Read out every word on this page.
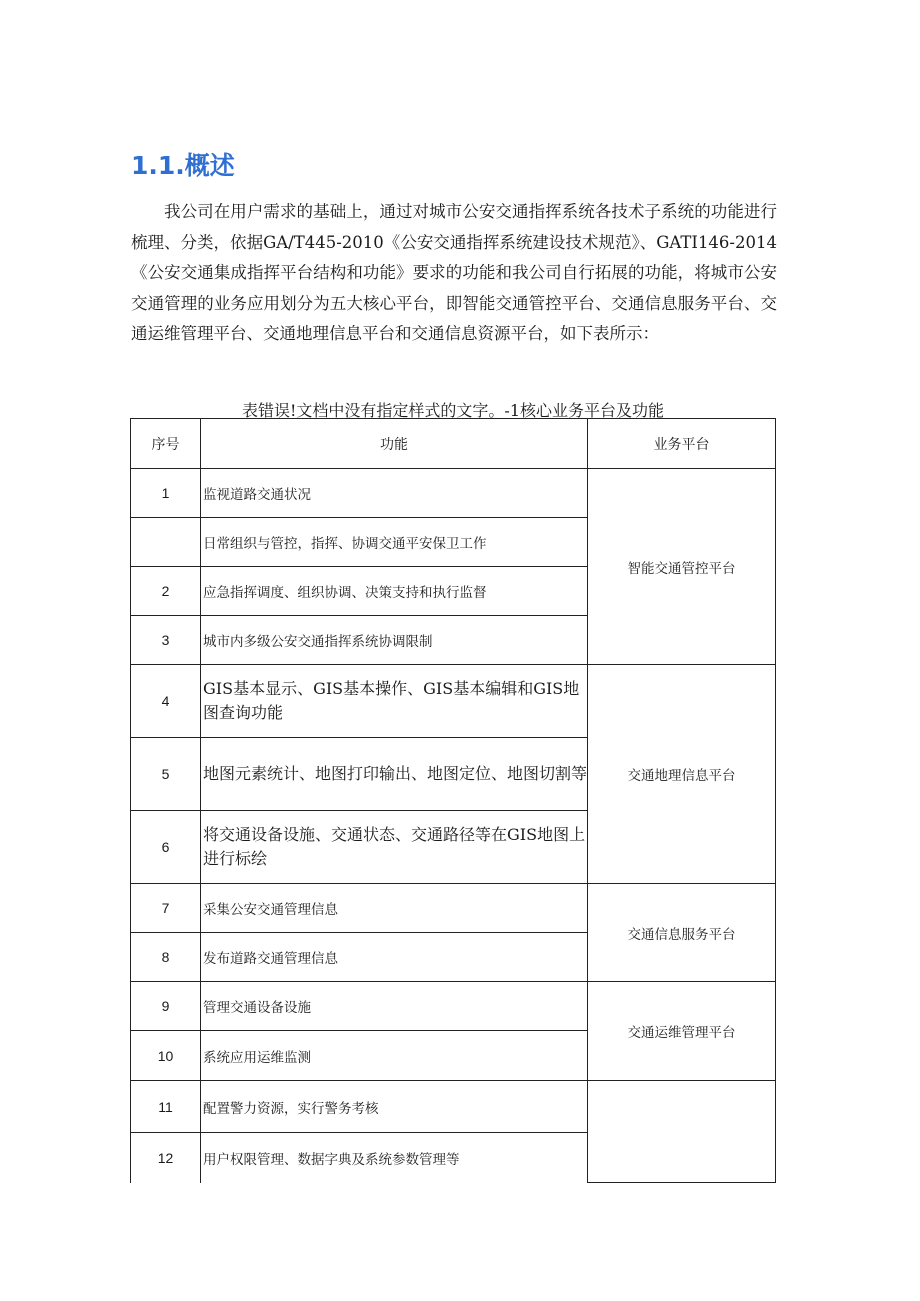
1.1.概述
我公司在用户需求的基础上，通过对城市公安交通指挥系统各技术子系统的功能进行梳理、分类，依据GA/T445-2010《公安交通指挥系统建设技术规范》、GATI146-2014《公安交通集成指挥平台结构和功能》要求的功能和我公司自行拓展的功能，将城市公安交通管理的业务应用划分为五大核心平台，即智能交通管控平台、交通信息服务平台、交通运维管理平台、交通地理信息平台和交通信息资源平台，如下表所示：
表错误!文档中没有指定样式的文字。-1核心业务平台及功能
序号	功能	业务平台
1	监视道路交通状况	智能交通管控平台
	日常组织与管控，指挥、协调交通平安保卫工作	
2	应急指挥调度、组织协调、决策支持和执行监督	
3	城市内多级公安交通指挥系统协调限制	
4	GIS基本显示、GIS基本操作、GIS基本编辑和GIS地图查询功能	交通地理信息平台
5	地图元素统计、地图打印输出、地图定位、地图切割等	
6	将交通设备设施、交通状态、交通路径等在GIS地图上进行标绘	
7	采集公安交通管理信息	交通信息服务平台
8	发布道路交通管理信息	
9	管理交通设备设施	交通运维管理平台
10	系统应用运维监测	
11	配置警力资源，实行警务考核	
12	用户权限管理、数据字典及系统参数管理等	
